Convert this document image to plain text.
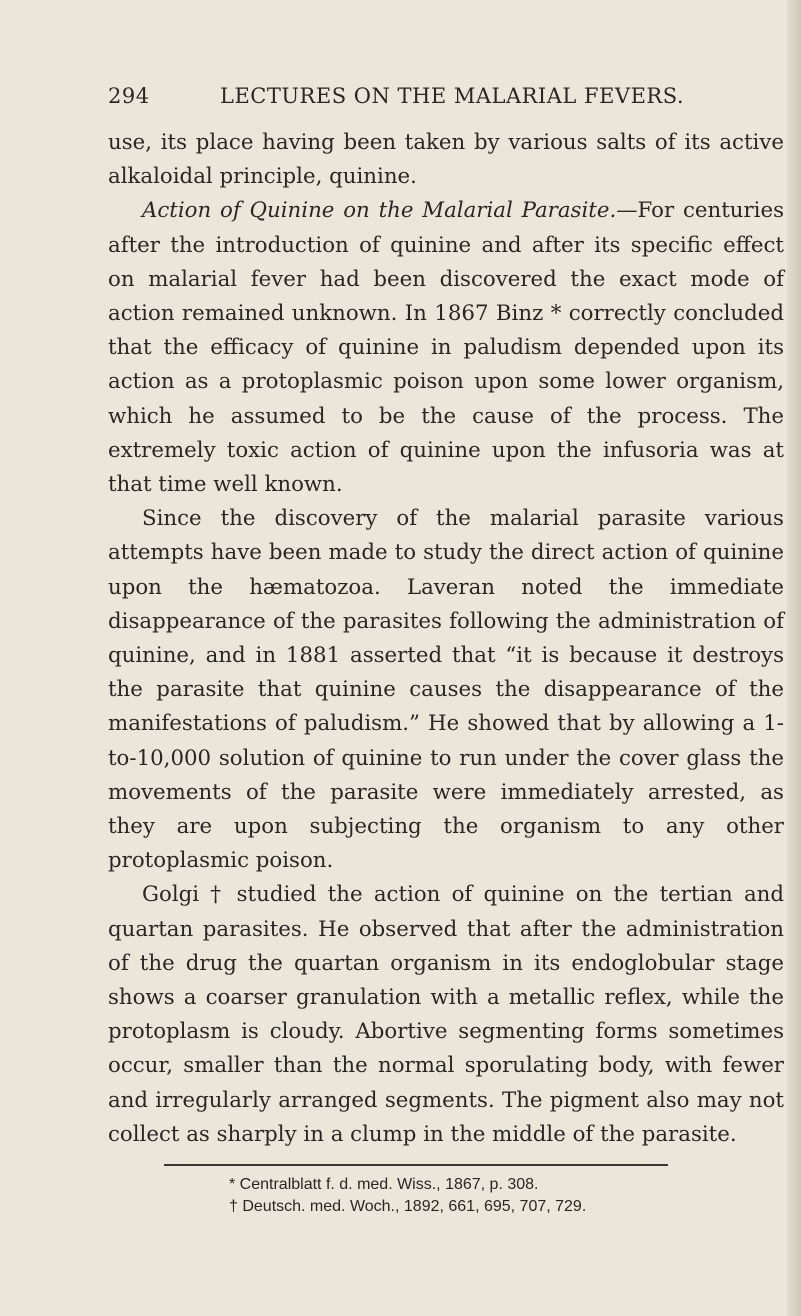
294	LECTURES ON THE MALARIAL FEVERS.

use, its place having been taken by various salts of its active alkaloidal principle, quinine.

Action of Quinine on the Malarial Parasite.—For centuries after the introduction of quinine and after its specific effect on malarial fever had been discovered the exact mode of action remained unknown. In 1867 Binz * correctly concluded that the efficacy of quinine in paludism depended upon its action as a protoplasmic poison upon some lower organism, which he assumed to be the cause of the process. The extremely toxic action of quinine upon the infusoria was at that time well known.

Since the discovery of the malarial parasite various attempts have been made to study the direct action of quinine upon the hæmatozoa. Laveran noted the immediate disappearance of the parasites following the administration of quinine, and in 1881 asserted that “it is because it destroys the parasite that quinine causes the disappearance of the manifestations of paludism.” He showed that by allowing a 1-to-10,000 solution of quinine to run under the cover glass the movements of the parasite were immediately arrested, as they are upon subjecting the organism to any other protoplasmic poison.

Golgi † studied the action of quinine on the tertian and quartan parasites. He observed that after the administration of the drug the quartan organism in its endoglobular stage shows a coarser granulation with a metallic reflex, while the protoplasm is cloudy. Abortive segmenting forms sometimes occur, smaller than the normal sporulating body, with fewer and irregularly arranged segments. The pigment also may not collect as sharply in a clump in the middle of the parasite.

* Centralblatt f. d. med. Wiss., 1867, p. 308.
† Deutsch. med. Woch., 1892, 661, 695, 707, 729.
